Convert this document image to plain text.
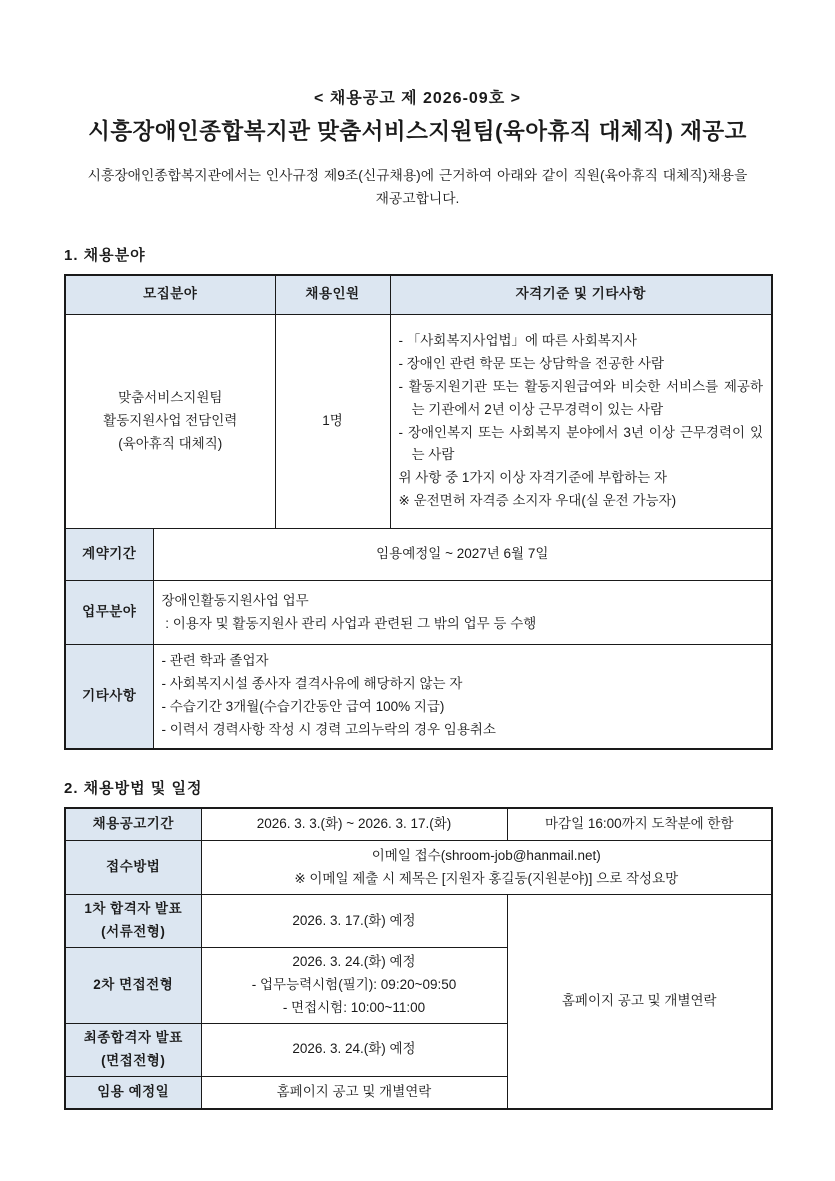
< 채용공고 제 2026-09호 >
시흥장애인종합복지관 맞춤서비스지원팀(육아휴직 대체직) 재공고

시흥장애인종합복지관에서는 인사규정 제9조(신규채용)에 근거하여 아래와 같이 직원(육아휴직 대체직)채용을 재공고합니다.

1. 채용분야
모집분야		채용인원	자격기준 및 기타사항

맞춤서비스지원팀
활동지원사업 전담인력
(육아휴직 대체직)
	1명	
- 「사회복지사업법」에 따른 사회복지사
- 장애인 관련 학문 또는 상담학을 전공한 사람
- 활동지원기관 또는 활동지원급여와 비슷한 서비스를 제공하는 기관에서 2년 이상 근무경력이 있는 사람
- 장애인복지 또는 사회복지 분야에서 3년 이상 근무경력이 있는 사람
위 사항 중 1가지 이상 자격기준에 부합하는 자
※ 운전면허 자격증 소지자 우대(실 운전 가능자)

계약기간	임용예정일 ~ 2027년 6월 7일		
업무분야	장애인활동지원사업 업무
: 이용자 및 활동지원사 관리 사업과 관련된 그 밖의 업무 등 수행		

기타사항	- 관련 학과 졸업자
- 사회복지시설 종사자 결격사유에 해당하지 않는 자
- 수습기간 3개월(수습기간동안 급여 100% 지급)
- 이력서 경력사항 작성 시 경력 고의누락의 경우 임용취소		
2. 채용방법 및 일정
채용공고기간	2026. 3. 3.(화) ~ 2026. 3. 17.(화)	마감일 16:00까지 도착분에 한함
접수방법	이메일 접수(shroom-job@hanmail.net)
※ 이메일 제출 시 제목은 [지원자 홍길동(지원분야)] 으로 작성요망	

1차 합격자 발표
(서류전형)	2026. 3. 17.(화) 예정	홈페이지 공고 및 개별연락
2차 면접전형	2026. 3. 24.(화) 예정
- 업무능력시험(필기): 09:20~09:50
- 면접시험: 10:00~11:00	

최종합격자 발표
(면접전형)	2026. 3. 24.(화) 예정	
임용 예정일	홈페이지 공고 및 개별연락	
